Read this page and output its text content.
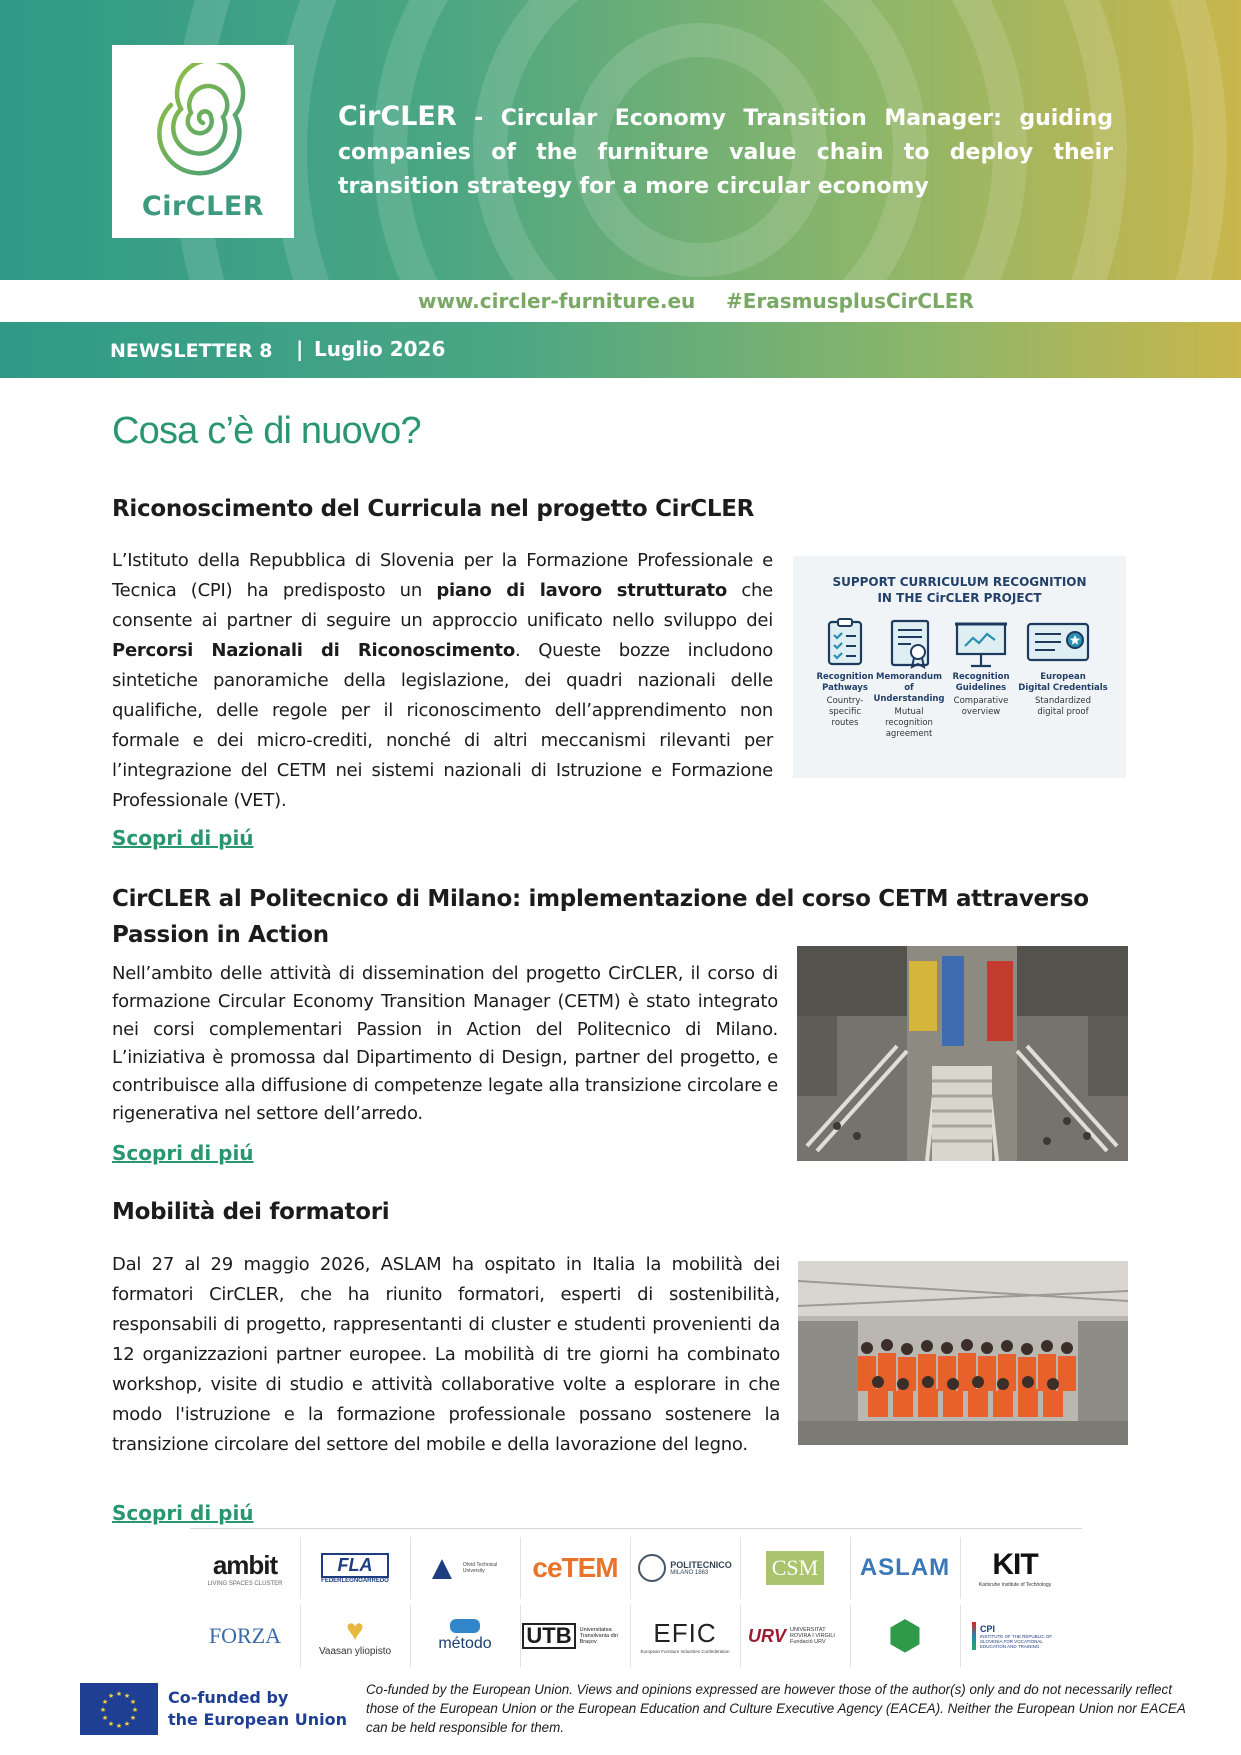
CirCLER
CirCLER - Circular Economy Transition Manager: guiding companies of the furniture value chain to deploy their transition strategy for a more circular economy
www.circler-furniture.eu #ErasmusplusCirCLER
NEWSLETTER 8 | Luglio 2026
Cosa c’è di nuovo?
Riconoscimento del Curricula nel progetto CirCLER

L’Istituto della Repubblica di Slovenia per la Formazione Professionale e Tecnica (CPI) ha predisposto un piano di lavoro strutturato che consente ai partner di seguire un approccio unificato nello sviluppo dei Percorsi Nazionali di Riconoscimento. Queste bozze includono sintetiche panoramiche della legislazione, dei quadri nazionali delle qualifiche, delle regole per il riconoscimento dell’apprendimento non formale e dei micro-crediti, nonché di altri meccanismi rilevanti per l’integrazione del CETM nei sistemi nazionali di Istruzione e Formazione Professionale (VET).

Scopri di piú
SUPPORT CURRICULUM RECOGNITION
IN THE CirCLER PROJECT
Recognition
Pathways
Country-
specific
routes
Memorandum
of Understanding
Mutual
recognition
agreement
Recognition
Guidelines
Comparative
overview
European
Digital Credentials
Standardized
digital proof
CirCLER al Politecnico di Milano: implementazione del corso CETM attraverso
Passion in Action

Nell’ambito delle attività di dissemination del progetto CirCLER, il corso di formazione Circular Economy Transition Manager (CETM) è stato integrato nei corsi complementari Passion in Action del Politecnico di Milano. L’iniziativa è promossa dal Dipartimento di Design, partner del progetto, e contribuisce alla diffusione di competenze legate alla transizione circolare e rigenerativa nel settore dell’arredo.

Scopri di piú
Mobilità dei formatori

Dal 27 al 29 maggio 2026, ASLAM ha ospitato in Italia la mobilità dei formatori CirCLER, che ha riunito formatori, esperti di sostenibilità, responsabili di progetto, rappresentanti di cluster e studenti provenienti da 12 organizzazioni partner europee. La mobilità di tre giorni ha combinato workshop, visite di studio e attività collaborative volte a esplorare in che modo l'istruzione e la formazione professionale possano sostenere la transizione circolare del settore del mobile e della lavorazione del legno.

Scopri di piú
ambit
LIVING SPACES CLUSTER
FLA
FEDERLEGNOARREDO ▲ Ohrid Technical University	ceTEM	POLITECNICO
MILANO 1863	CSM ASLAM	KIT
Karlsruhe Institute of Technology
FORZA	♥
Vaasan yliopisto	método UTB	Universitatea Transilvania din Brașov	EFIC
European Furniture Industries Confederation
URV UNIVERSITAT ROVIRA I VIRGILI Fundació URV	⬢	CPI
INSTITUTE OF THE REPUBLIC OF SLOVENIA FOR VOCATIONAL EDUCATION AND TRAINING
★ ★
★
★
★
★
★
★
★
★
★
★	Co-funded by
the European Union
Co-funded by the European Union. Views and opinions expressed are however those of the author(s) only and do not necessarily reflect those of the European Union or the European Education and Culture Executive Agency (EACEA). Neither the European Union nor EACEA can be held responsible for them.
